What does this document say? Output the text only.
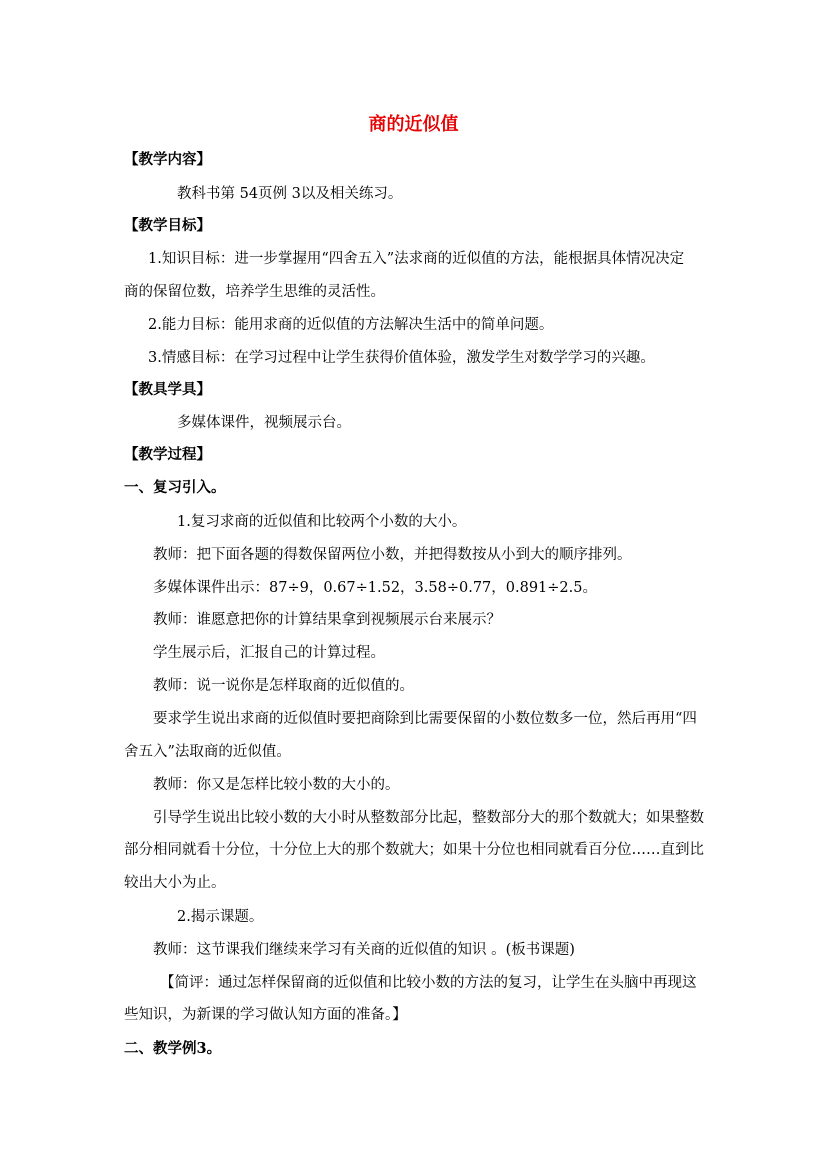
商的近似值
【教学内容】
教科书第 54页例 3以及相关练习。
【教学目标】
1.知识目标：进一步掌握用“四舍五入”法求商的近似值的方法，能根据具体情况决定
商的保留位数，培养学生思维的灵活性。
2.能力目标：能用求商的近似值的方法解决生活中的简单问题。
3.情感目标：在学习过程中让学生获得价值体验，激发学生对数学学习的兴趣。
【教具学具】
多媒体课件，视频展示台。
【教学过程】
一、复习引入。
1.复习求商的近似值和比较两个小数的大小。
教师：把下面各题的得数保留两位小数，并把得数按从小到大的顺序排列。
多媒体课件出示：87÷9，0.67÷1.52，3.58÷0.77，0.891÷2.5。
教师：谁愿意把你的计算结果拿到视频展示台来展示？
学生展示后，汇报自己的计算过程。
教师：说一说你是怎样取商的近似值的。
要求学生说出求商的近似值时要把商除到比需要保留的小数位数多一位，然后再用“四
舍五入”法取商的近似值。
教师：你又是怎样比较小数的大小的。
引导学生说出比较小数的大小时从整数部分比起，整数部分大的那个数就大；如果整数
部分相同就看十分位，十分位上大的那个数就大；如果十分位也相同就看百分位……直到比
较出大小为止。
2.揭示课题。
教师：这节课我们继续来学习有关商的近似值的知识 。(板书课题)
【简评：通过怎样保留商的近似值和比较小数的方法的复习，让学生在头脑中再现这
些知识，为新课的学习做认知方面的准备。】
二、教学例3。
